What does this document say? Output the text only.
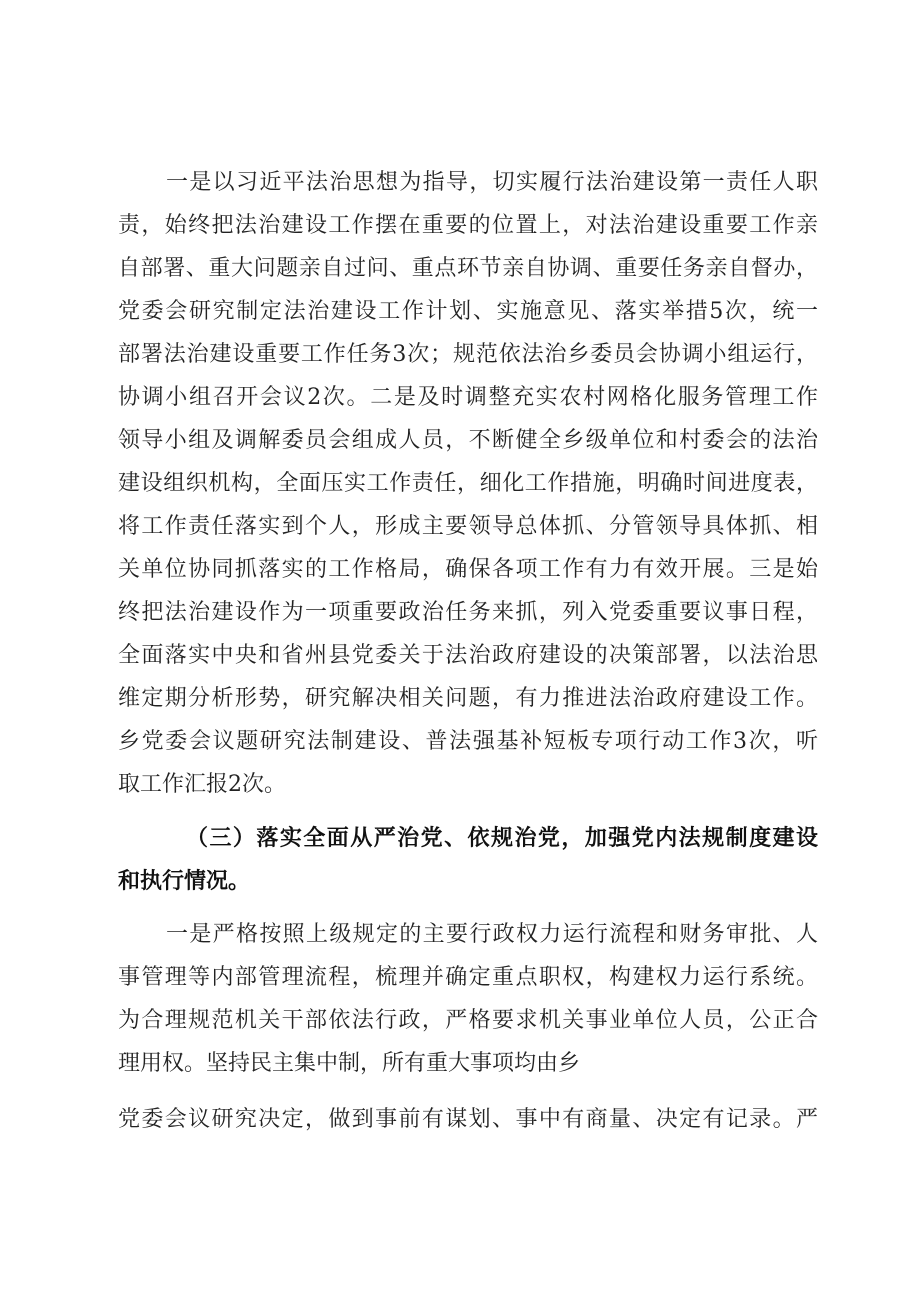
一是以习近平法治思想为指导，切实履行法治建设第一责任人职
责，始终把法治建设工作摆在重要的位置上，对法治建设重要工作亲
自部署、重大问题亲自过问、重点环节亲自协调、重要任务亲自督办，
党委会研究制定法治建设工作计划、实施意见、落实举措5次，统一
部署法治建设重要工作任务3次；规范依法治乡委员会协调小组运行，
协调小组召开会议2次。二是及时调整充实农村网格化服务管理工作
领导小组及调解委员会组成人员，不断健全乡级单位和村委会的法治
建设组织机构，全面压实工作责任，细化工作措施，明确时间进度表，
将工作责任落实到个人，形成主要领导总体抓、分管领导具体抓、相
关单位协同抓落实的工作格局，确保各项工作有力有效开展。三是始
终把法治建设作为一项重要政治任务来抓，列入党委重要议事日程，
全面落实中央和省州县党委关于法治政府建设的决策部署，以法治思
维定期分析形势，研究解决相关问题，有力推进法治政府建设工作。
乡党委会议题研究法制建设、普法强基补短板专项行动工作3次，听
取工作汇报2次。
（三）落实全面从严治党、依规治党，加强党内法规制度建设
和执行情况。
一是严格按照上级规定的主要行政权力运行流程和财务审批、人
事管理等内部管理流程，梳理并确定重点职权，构建权力运行系统。
为合理规范机关干部依法行政，严格要求机关事业单位人员，公正合
理用权。坚持民主集中制，所有重大事项均由乡
党委会议研究决定，做到事前有谋划、事中有商量、决定有记录。严
